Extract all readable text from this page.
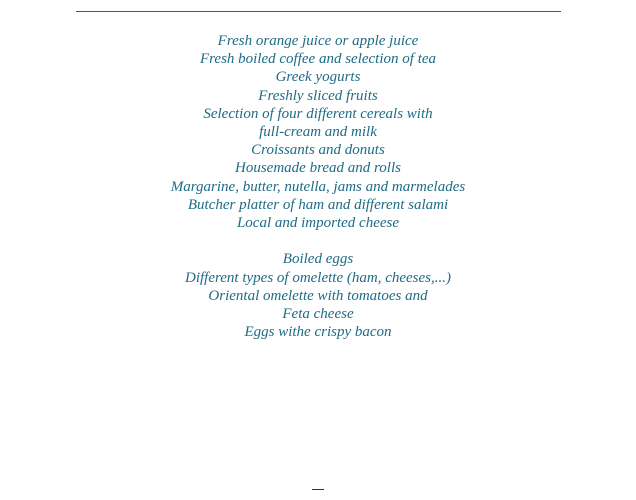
Fresh orange juice or apple juice
Fresh boiled coffee and selection of tea
Greek yogurts
Freshly sliced fruits
Selection of four different cereals with
full-cream and milk
Croissants and donuts
Housemade bread and rolls
Margarine, butter, nutella, jams and marmelades
Butcher platter of ham and different salami
Local and imported cheese
Boiled eggs
Different types of omelette (ham, cheeses,...)
Oriental omelette with tomatoes and
Feta cheese
Eggs withe crispy bacon
